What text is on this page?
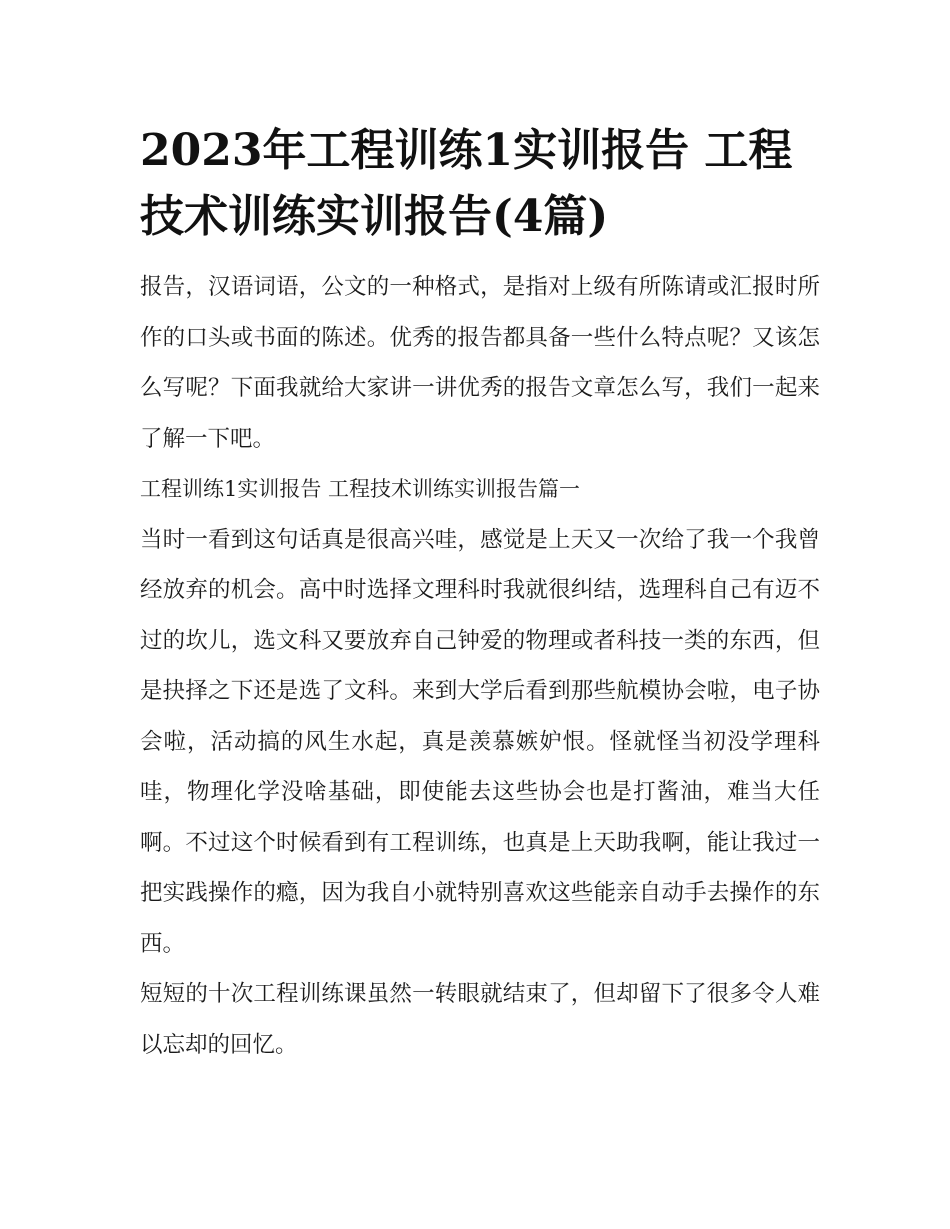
2023年工程训练1实训报告 工程技术训练实训报告(4篇)

报告，汉语词语，公文的一种格式，是指对上级有所陈请或汇报时所作的口头或书面的陈述。优秀的报告都具备一些什么特点呢？又该怎么写呢？下面我就给大家讲一讲优秀的报告文章怎么写，我们一起来了解一下吧。

工程训练1实训报告 工程技术训练实训报告篇一

当时一看到这句话真是很高兴哇，感觉是上天又一次给了我一个我曾经放弃的机会。高中时选择文理科时我就很纠结，选理科自己有迈不过的坎儿，选文科又要放弃自己钟爱的物理或者科技一类的东西，但是抉择之下还是选了文科。来到大学后看到那些航模协会啦，电子协会啦，活动搞的风生水起，真是羡慕嫉妒恨。怪就怪当初没学理科哇，物理化学没啥基础，即使能去这些协会也是打酱油，难当大任啊。不过这个时候看到有工程训练，也真是上天助我啊，能让我过一把实践操作的瘾，因为我自小就特别喜欢这些能亲自动手去操作的东西。

短短的十次工程训练课虽然一转眼就结束了，但却留下了很多令人难以忘却的回忆。
